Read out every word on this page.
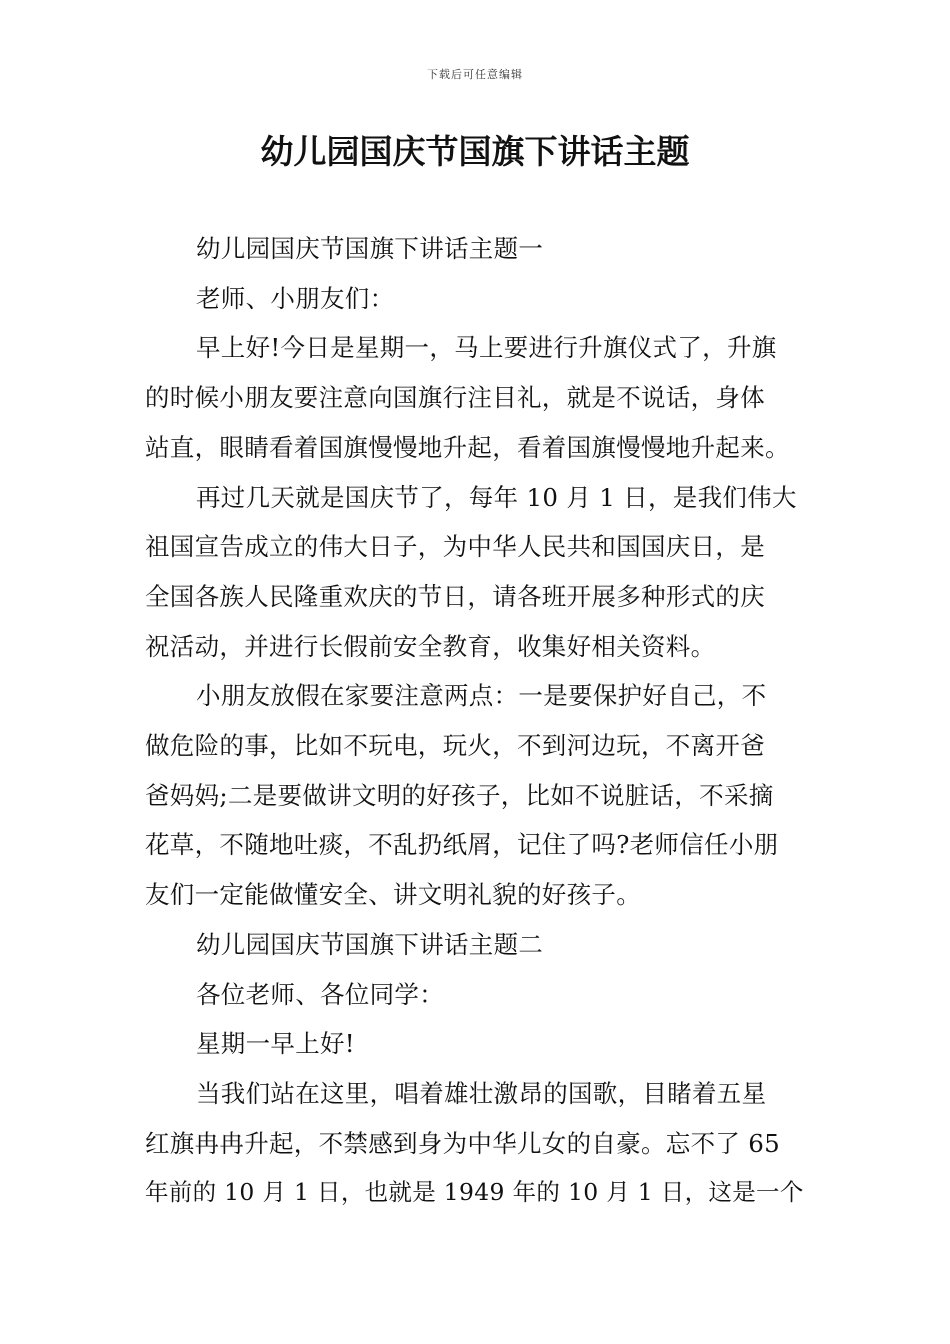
下载后可任意编辑
幼儿园国庆节国旗下讲话主题
幼儿园国庆节国旗下讲话主题一
老师、小朋友们：
早上好!今日是星期一，马上要进行升旗仪式了，升旗
的时候小朋友要注意向国旗行注目礼，就是不说话，身体
站直，眼睛看着国旗慢慢地升起，看着国旗慢慢地升起来。
再过几天就是国庆节了，每年 10 月 1 日，是我们伟大
祖国宣告成立的伟大日子，为中华人民共和国国庆日，是
全国各族人民隆重欢庆的节日，请各班开展多种形式的庆
祝活动，并进行长假前安全教育，收集好相关资料。
小朋友放假在家要注意两点：一是要保护好自己，不
做危险的事，比如不玩电，玩火，不到河边玩，不离开爸
爸妈妈;二是要做讲文明的好孩子，比如不说脏话，不采摘
花草，不随地吐痰，不乱扔纸屑，记住了吗?老师信任小朋
友们一定能做懂安全、讲文明礼貌的好孩子。
幼儿园国庆节国旗下讲话主题二
各位老师、各位同学：
星期一早上好!
当我们站在这里，唱着雄壮激昂的国歌，目睹着五星
红旗冉冉升起，不禁感到身为中华儿女的自豪。忘不了 65
年前的 10 月 1 日，也就是 1949 年的 10 月 1 日，这是一个
